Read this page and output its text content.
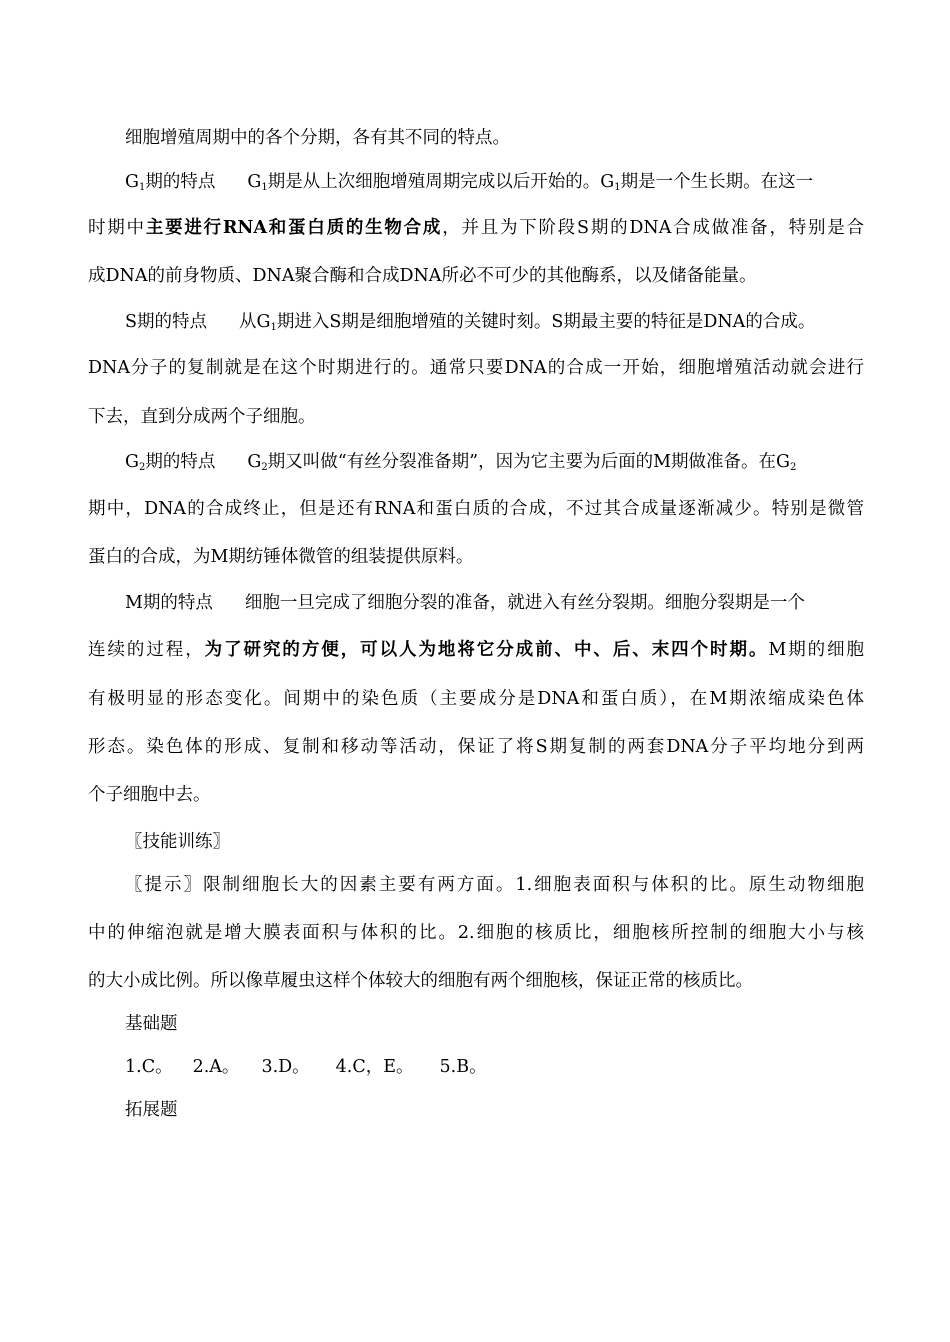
细胞增殖周期中的各个分期，各有其不同的特点。
$G_1$期的特点 $G_1$期是从上次细胞增殖周期完成以后开始的。$G_1$期是一个生长期。在这一
时期中主要进行RNA和蛋白质的生物合成，并且为下阶段S期的DNA合成做准备，特别是合
成DNA的前身物质、DNA聚合酶和合成DNA所必不可少的其他酶系，以及储备能量。
S期的特点 从$G_1$期进入S期是细胞增殖的关键时刻。S期最主要的特征是DNA的合成。
DNA分子的复制就是在这个时期进行的。通常只要DNA的合成一开始，细胞增殖活动就会进行
下去，直到分成两个子细胞。
$G_2$期的特点 $G_2$期又叫做“有丝分裂准备期”，因为它主要为后面的M期做准备。在$G_2$
期中，DNA的合成终止，但是还有RNA和蛋白质的合成，不过其合成量逐渐减少。特别是微管
蛋白的合成，为M期纺锤体微管的组装提供原料。
M期的特点 细胞一旦完成了细胞分裂的准备，就进入有丝分裂期。细胞分裂期是一个
连续的过程，为了研究的方便，可以人为地将它分成前、中、后、末四个时期。M期的细胞
有极明显的形态变化。间期中的染色质（主要成分是DNA和蛋白质），在M期浓缩成染色体
形态。染色体的形成、复制和移动等活动，保证了将S期复制的两套DNA分子平均地分到两
个子细胞中去。
〖技能训练〗
〖提示〗限制细胞长大的因素主要有两方面。1.细胞表面积与体积的比。原生动物细胞
中的伸缩泡就是增大膜表面积与体积的比。2.细胞的核质比，细胞核所控制的细胞大小与核
的大小成比例。所以像草履虫这样个体较大的细胞有两个细胞核，保证正常的核质比。
基础题
1.C。 2.A。 3.D。 4.C，E。 5.B。
拓展题
